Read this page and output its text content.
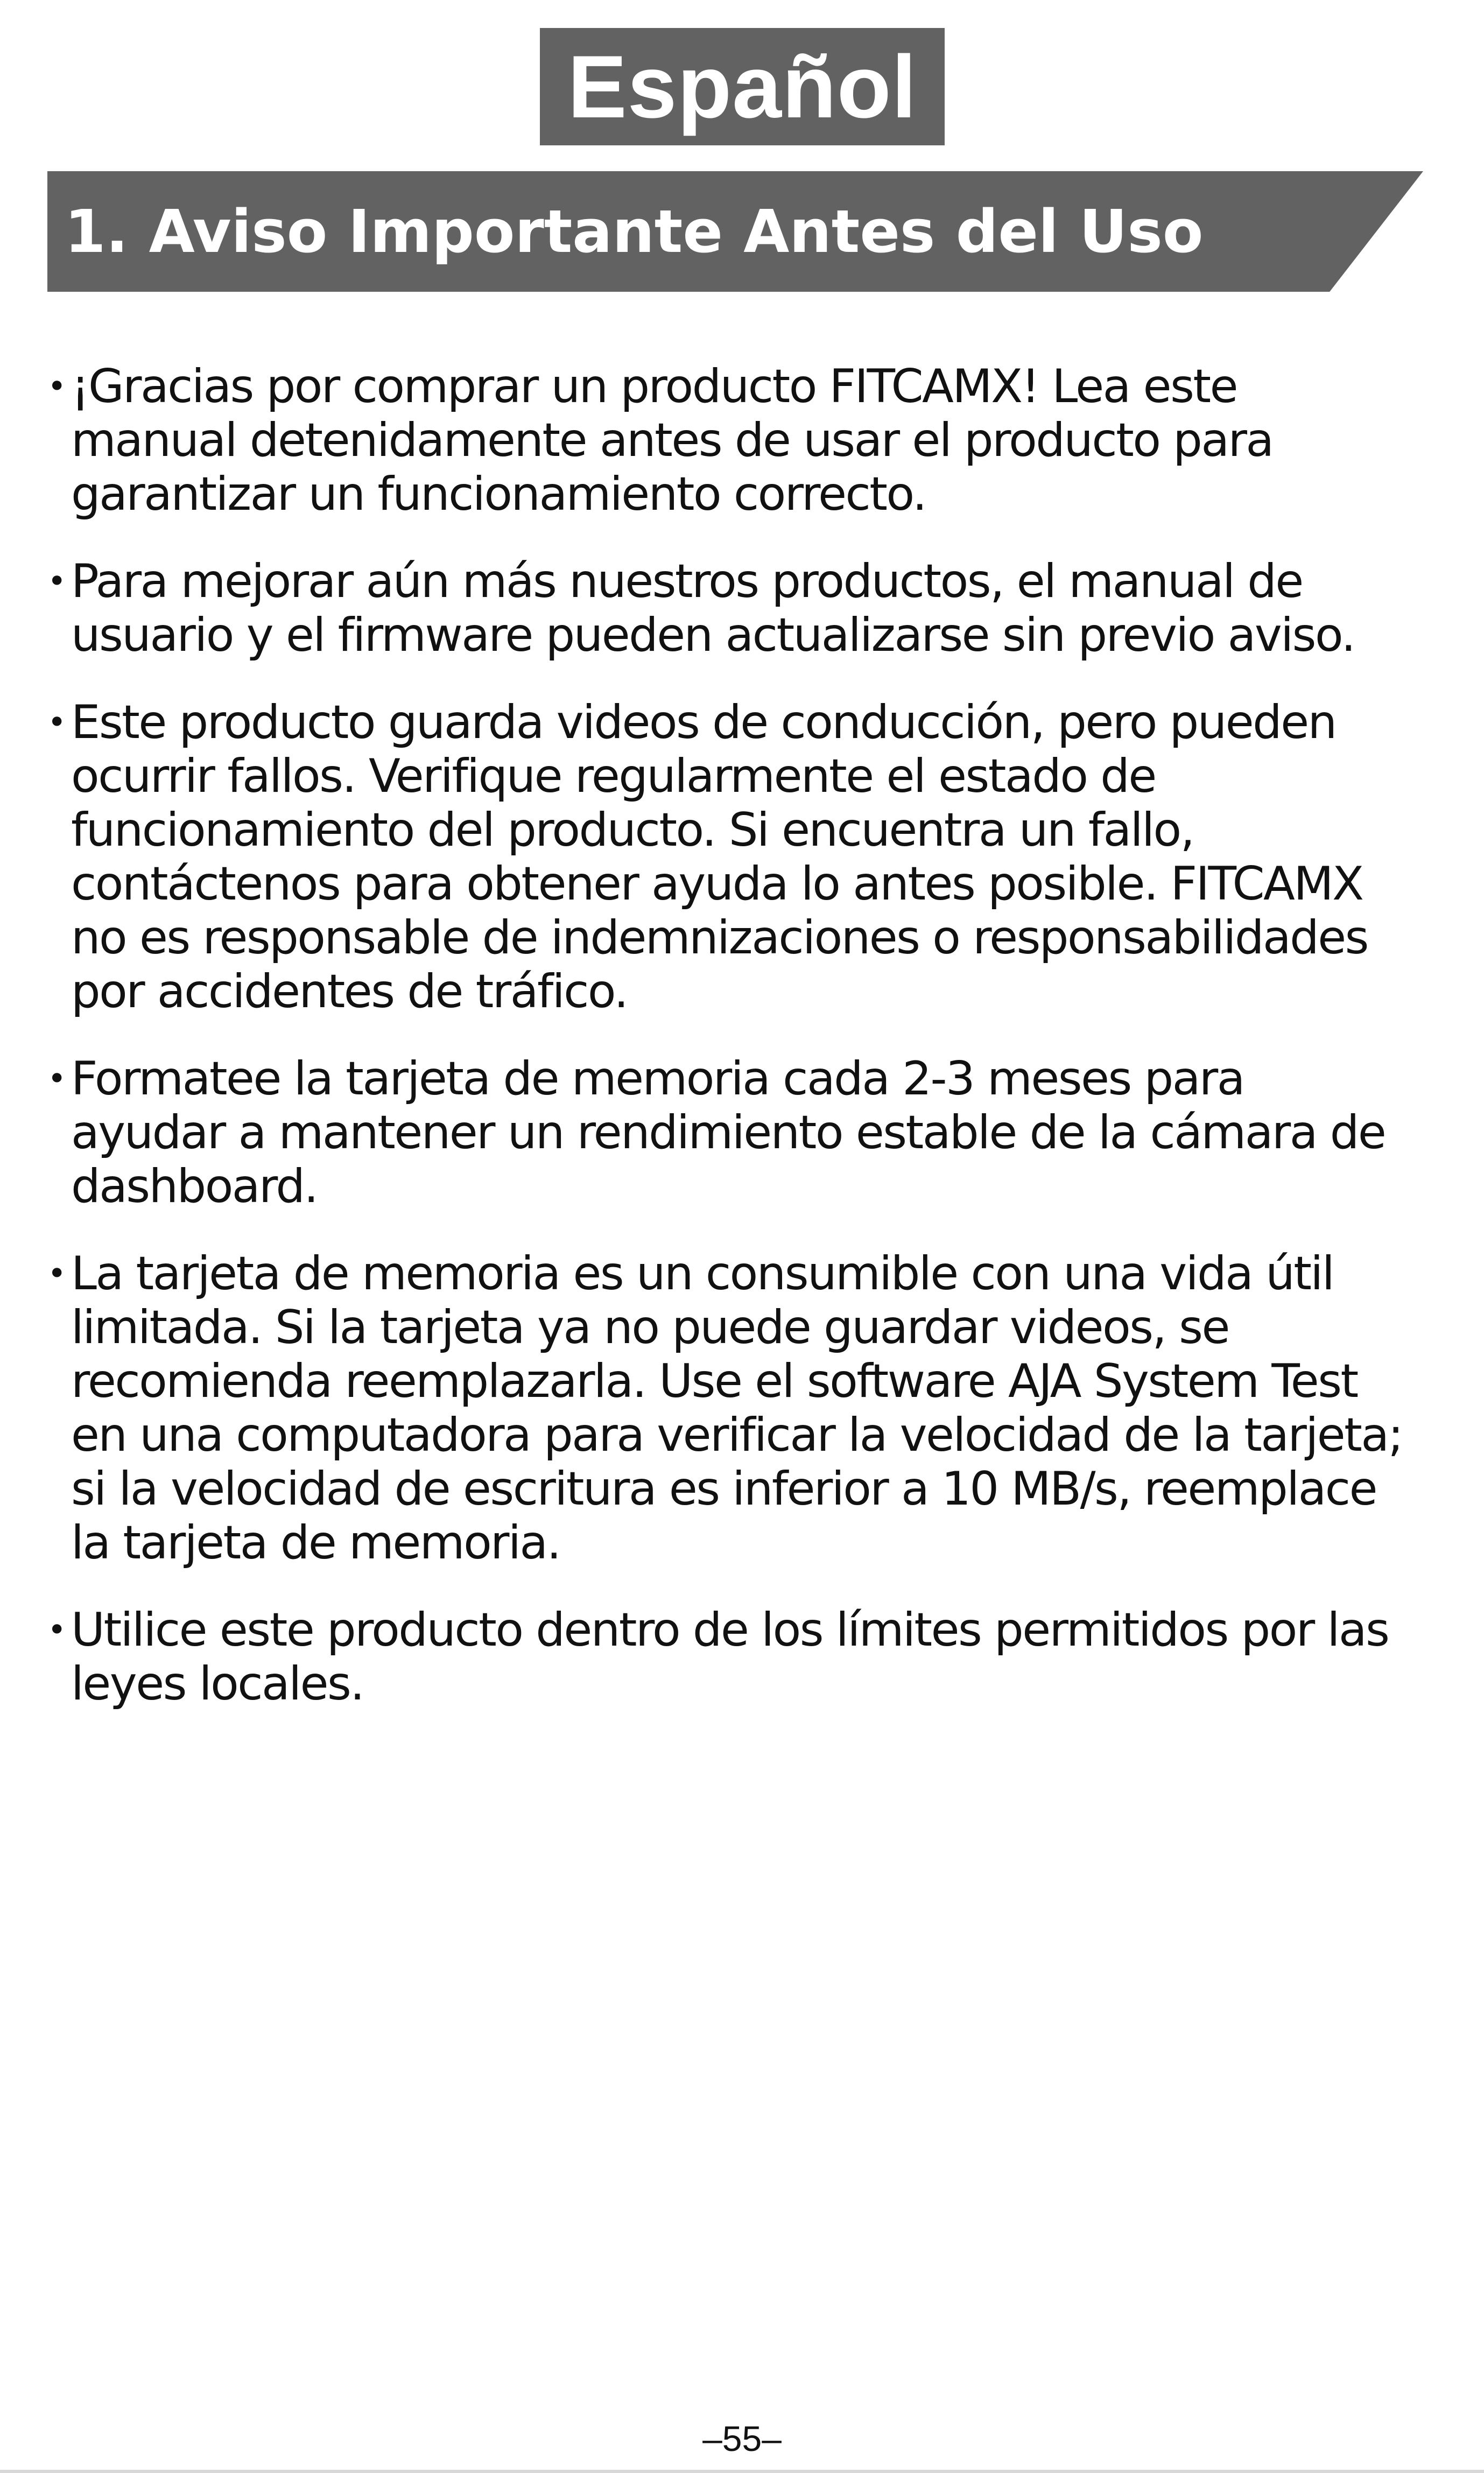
Español
1. Aviso Importante Antes del Uso
• ¡Gracias por comprar un producto FITCAMX! Lea este manual detenidamente antes de usar el producto para garantizar un funcionamiento correcto.
• Para mejorar aún más nuestros productos, el manual de usuario y el firmware pueden actualizarse sin previo aviso.
• Este producto guarda videos de conducción, pero pueden ocurrir fallos. Verifique regularmente el estado de funcionamiento del producto. Si encuentra un fallo, contáctenos para obtener ayuda lo antes posible. FITCAMX no es responsable de indemnizaciones o responsabilidades por accidentes de tráfico.
• Formatee la tarjeta de memoria cada 2-3 meses para ayudar a mantener un rendimiento estable de la cámara de dashboard.
• La tarjeta de memoria es un consumible con una vida útil limitada. Si la tarjeta ya no puede guardar videos, se recomienda reemplazarla. Use el software AJA System Test en una computadora para verificar la velocidad de la tarjeta; si la velocidad de escritura es inferior a 10 MB/s, reemplace la tarjeta de memoria.
• Utilice este producto dentro de los límites permitidos por las leyes locales.
–55–
